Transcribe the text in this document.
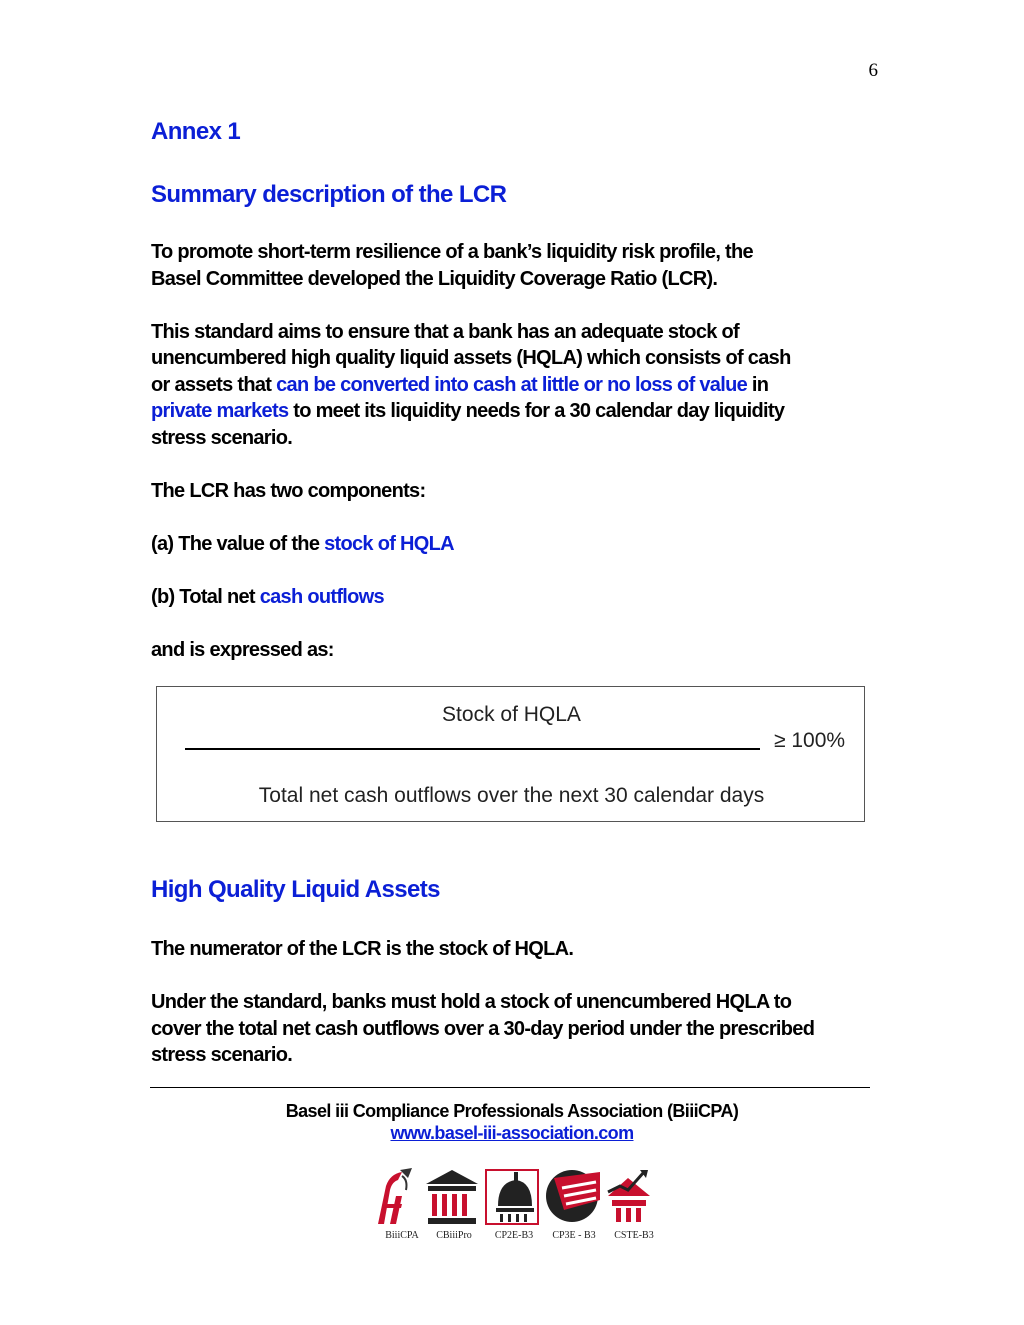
6
Annex 1
Summary description of the LCR

To promote short-term resilience of a bank’s liquidity risk profile, the
Basel Committee developed the Liquidity Coverage Ratio (LCR).

This standard aims to ensure that a bank has an adequate stock of
unencumbered high quality liquid assets (HQLA) which consists of cash
or assets that can be converted into cash at little or no loss of value in
private markets to meet its liquidity needs for a 30 calendar day liquidity
stress scenario.

The LCR has two components:

(a) The value of the stock of HQLA

(b) Total net cash outflows

and is expressed as:

Stock of HQLA
≥ 100%
Total net cash outflows over the next 30 calendar days
High Quality Liquid Assets

The numerator of the LCR is the stock of HQLA.

Under the standard, banks must hold a stock of unencumbered HQLA to
cover the total net cash outflows over a 30-day period under the prescribed
stress scenario.

Basel iii Compliance Professionals Association (BiiiCPA)
www.basel-iii-association.com
BiiiCPA	CBiiiPro	CP2E-B3	CP3E - B3	CSTE-B3
